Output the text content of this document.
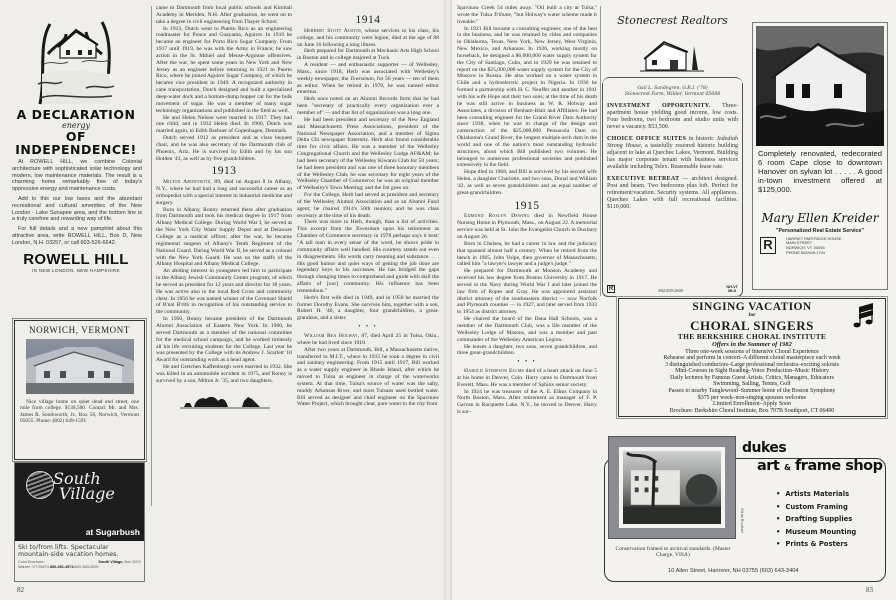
A DECLARATION
energy
OF INDEPENDENCE!

At ROWELL HILL, we combine Colonial architecture with sophisticated solar technology and modern, low maintenance materials. The result is a charming home remarkably free of today's oppressive energy and maintenance costs.

Add to this our low taxes and the abundant recreational and cultural amenities of the New London - Lake Sunapee area, and the bottom line is a truly carefree and rewarding way of life.

For full details and a new pamphlet about this attractive area, write ROWELL HILL, Box D, New London, N.H. 03257, or call 603-526-6642.

ROWELL HILL
IN NEW LONDON, NEW HAMPSHIRE
NORWICH, VERMONT
Nice village home on quiet dead end street, one mile from college. $138,500. Contact Mr. and Mrs. James R. Southworth, Jr., Box 56, Norwich, Vermont 05055. Phone: (802) 649-1591
South
Village
at Sugarbush
Ski to/from lifts. Spectacular mountain-side vacation homes.
Color Brochure:	South Village, Box 300V

Warren, VT 05674 800-451-4574•802-583-2000
82

came to Dartmouth from local public schools and Kimball Academy in Meriden, N.H. After graduation, he went on to take a degree in civil engineering from Thayer School.

In 1913, Dutch went to Puerto Rico as an engineering roadmaster for Ponce and Guayama, Aguirre. In 1916 he became an engineer for Porto Rico Sugar Company. From 1917 until 1919, he was with the Army in France; he saw action in the St. Mihiel and Meuse-Argonne offensives. After the war, he spent some years in New York and New Jersey as an engineer before returning in 1921 to Puerto Rico, where he joined Aguirre Sugar Company, of which he became vice president in 1949. A recognized authority in cane transportation, Dutch designed and built a specialized deep-water dock and a bottom-dump hopper car for the bulk movement of sugar. He was a member of many sugar technology organizations and published in the field as well.

He and Helen Nelson were married in 1917. They had one child, and in 1932 Helen died. In 1960, Dutch was married again, to Edith Brebuer of Copenhagen, Denmark.

Dutch served 1912 as president and as class bequest chair, and he was also secretary of the Dartmouth club of Phoenix, Ariz. He is survived by Edith and by his son Holden '43, as well as by five grandchildren.

1913

Milton Aronowitz, 89, died on August 8 in Albany, N.Y., where he had had a long and successful career as an orthopedist with a special interest in industrial medicine and surgery.

Born in Albany, Ronny returned there after graduation from Dartmouth and took his medical degree in 1917 from Albany Medical College. During World War I, he served at the New York City Water Supply Depot and at Delaware College as a medical officer; after the war, he became regimental surgeon of Albany's Tenth Regiment of the National Guard. During World War II, he served as a colonel with the New York Guard. He was on the staffs of the Albany Hospital and Albany Medical College.

An abiding interest in youngsters led him to participate in the Albany Jewish Community Center program, of which he served as president for 12 years and director for 18 years. He was active also in the local Red Cross and community chest. In 1956 he was named winner of the Covenant Shield of B'nai B'rith in recognition of his outstanding service to the community.

In 1950, Ronny became president of the Dartmouth Alumni Association of Eastern New York. In 1960, he served Dartmouth as a member of the national committee for the medical school campaign, and he worked tirelessly all his life recruiting students for the College. Last year he was presented by the College with its Andrew J. Scarlett '10 Award for outstanding work as a head agent.

He and Gretchen Kaffenburgh were married in 1932. She was killed in an automobile accident in 1975, and Ronny is survived by a son, Milton Jr. '35, and two daughters.

1914

Herbert Stott Austin, whose services to his class, his college, and his community were legion, died at the age of 88 on June 16 following a long illness.

Herb prepared for Dartmouth at Mechanic Arts High School in Boston and in college majored at Tuck.

A resident — and enthusiastic supporter — of Wellesley, Mass., since 1918, Herb was associated with Wellesley's weekly newspaper, the Townsman, for 56 years — ten of them as editor. When he retired in 1970, he was named editor emeritus.

Herb once noted on an Alumni Records form that he had been "secretary of practically every organization ever a member of" — and that list of organizations was a long one.

He had been president and secretary of the New England and Massachusetts Press Associations, president of the National Newspaper Association, and a member of Sigma Delta Chi newspaper fraternity. Herb also found considerable time for civic affairs. He was a member of the Wellesley Congregational Church and the Wellesley Lodge AF&AM; he had been secretary of the Wellesley Kiwanis Club for 50 years; he had been president and was one of three honorary members of the Wellesley Club; he was secretary for eight years of the Wellesley Chamber of Commerce; he was an original member of Wellesley's Town Meeting; and the list goes on.

For the College, Herb had served as president and secretary of the Wellesley Alumni Association and as an Alumni Fund agent; he chaired 1914's 50th reunion; and he was class secretary at the time of his death.

There was more to Herb, though, than a list of activities. This excerpt from the Townsman upon his retirement as Chamber of Commerce secretary in 1978 perhaps says it best: "A tall man in every sense of the word, he shows pride in community affairs well handled. His courtesy stands out even in disagreements. His words carry meaning and substance. . . . His good humor and quiet ways of getting the job done are legendary keys to his successes. He has bridged the gaps through changing times to comprehend and guide with skill the affairs of [our] community. His influence has been tremendous."

Herb's first wife died in 1949, and in 1950 he married the former Dorothy Evans. She survives him, together with a son, Robert H. '40, a daughter, four grandchildren, a great-grandson, and a sister.

• • •

William Rea Holway, 87, died April 25 in Tulsa, Okla., where he had lived since 1918.

After two years at Dartmouth, Bill, a Massachusetts native, transferred to M.I.T., where in 1915 he took a degree in civil and sanitary engineering. From 1915 until 1917, Bill worked as a water supply engineer in Rhode Island, after which he moved to Tulsa as engineer in charge of the waterworks system. At that time, Tulsa's source of water was the salty, muddy Arkansas River, and most Tulsans used bottled water. Bill served as designer and chief engineer on the Spavinaw Water Project, which brought clear, pure water to the city from

Spavinaw Creek 54 miles away. "Oil built a city at Tulsa," wrote the Tulsa Tribune, "but Holway's water scheme made it liveable."

In 1921 Bill became a consulting engineer, one of the best in the business, and he was retained by cities and companies in Oklahoma, Texas, New York, New Jersey, West Virginia, New Mexico, and Arkansas. In 1926, working mostly on horseback, he designed a $6,000,000 water supply system for the City of Santiago, Cuba, and in 1929 he was retained to report on the $25,000,000 water supply system for the City of Moscow in Russia. He also worked on a water system in Chile and a hydroelectric project in Nigeria. In 1936 he formed a partnership with H. C. Neuffer and another in 1941 with his wife Hope and their two sons; at the time of his death he was still active in business as W. R. Holway and Associates, a division of Benham-Blair and Affiliates. He had been consulting engineer for the Grand River Dam Authority since 1938, when he was in charge of the design and construction of the $25,000,000 Pensacola Dam on Oklahoma's Grand River, the longest multiple-arch dam in the world and one of the nation's most outstanding hydraulic structures, about which Bill published two volumes. He belonged to numerous professional societies and published extensively in the field.

Hope died in 1968, and Bill is survived by his second wife Helen, a daughter Charlotte, and two sons, Donal and William '42, as well as seven grandchildren and an equal number of great-grandchildren.

1915

Edmund Roslyn Dewing died in Newfield House Nursing Home in Plymouth, Mass., on August 22. A memorial service was held at St. John the Evangelist Church in Duxbury on August 26.

Born in Chelsea, he had a career in law and the judiciary that spanned almost half a century. When he retired from the bench in 1965, John Volpe, then governor of Massachusetts, called him "a lawyer's lawyer and a judge's judge."

He prepared for Dartmouth at Monson Academy and received his law degree from Boston University in 1917. He served in the Navy during World War I and later joined the law firm of Ropes and Gray. He was appointed assistant district attorney of the southeastern district — now Norfolk and Plymouth counties — in 1927, and later served from 1933 to 1954 as district attorney.

He chaired the board of the Dana Hall Schools, was a member of the Dartmouth Club, was a life member of the Wellesley Lodge of Masons, and was a member and past commander of the Wellesley American Legion.

He leaves a daughter, two sons, seven grandchildren, and three great-grandchildren.

• • •

Harold Stimpson Ellms died of a heart attack on June 5 at his home in Denver, Colo. Harry came to Dartmouth from Everett, Mass. He was a member of Sphinx senior society.

In 1924 he was treasurer of the A. E. Ellms Company in North Boston, Mass. After retirement as manager of F. P. Garvan in Racquette Lake, N.Y., he moved to Denver. Harry is sur-

Stonecrest Realtors
Gail L. Sandegren, G.R.I. ('78)
Stonecrest Farm, Wilder, Vermont 05088
INVESTMENT OPPORTUNITY. Three-apartment house yielding good income, low costs. Four bedroom, two bedroom and studio units with never a vacancy. $53,500.
CHOICE OFFICE SUITES in historic Jedediah Strong House, a tastefully restored historic building adjacent to lake at Quechee Lakes, Vermont. Building has major corporate tenant with business services available including Telex. Reasonable lease rate.
EXECUTIVE RETREAT — architect designed. Post and beam. Two bedrooms plus loft. Perfect for retirement/vacation. Security systems. All appliances. Quechee Lakes with full recreational facilities. $110,000.
R	802/295-2600
NH-VT
MLS
Completely renovated, redecorated 6 room Cape close to downtown Hanover on sylvan lot . . . . . A good in-town investment offered at $125,000.
Mary Ellen Kreider
"Personalized Real Estate Service"
R	HARRIET PARTRIDGE HOUSE
MAIN STREET
NORWICH, VT. 05055
PHONE 802/649-1704
SINGING VACATION
for
CHORAL SINGERS
THE BERKSHIRE CHORAL INSTITUTE
Offers in the Summer of 1982
Three one-week sessions of Intensive Choral Experience
Rehearse and perform in concert–A different choral masterpiece each week
3 distinguished conductors–Large professional orchestra–exciting soloists
Mini-Courses in Sight Reading–Voice Production–Music History
Daily lectures by Famous Guest Artists, Critics, Managers, Educators
Swimming, Sailing, Tennis, Golf
Passes to nearby Tanglewood–Summer home of the Boston Symphony
$375 per week–non-singing spouses welcome
Limited Enrollment–Apply Soon
Brochure: Berkshire Choral Institute, Box 707B Southport, CT 06490
Adrian Bouchard
Conservation framed to archival standards. (Master Charge, VISA)
dukes
art & frame shop
• Artists Materials
• Custom Framing
• Drafting Supplies
• Museum Mounting
• Prints & Posters
10 Allen Street, Hanover, NH 03755 (603) 643-3404
83
